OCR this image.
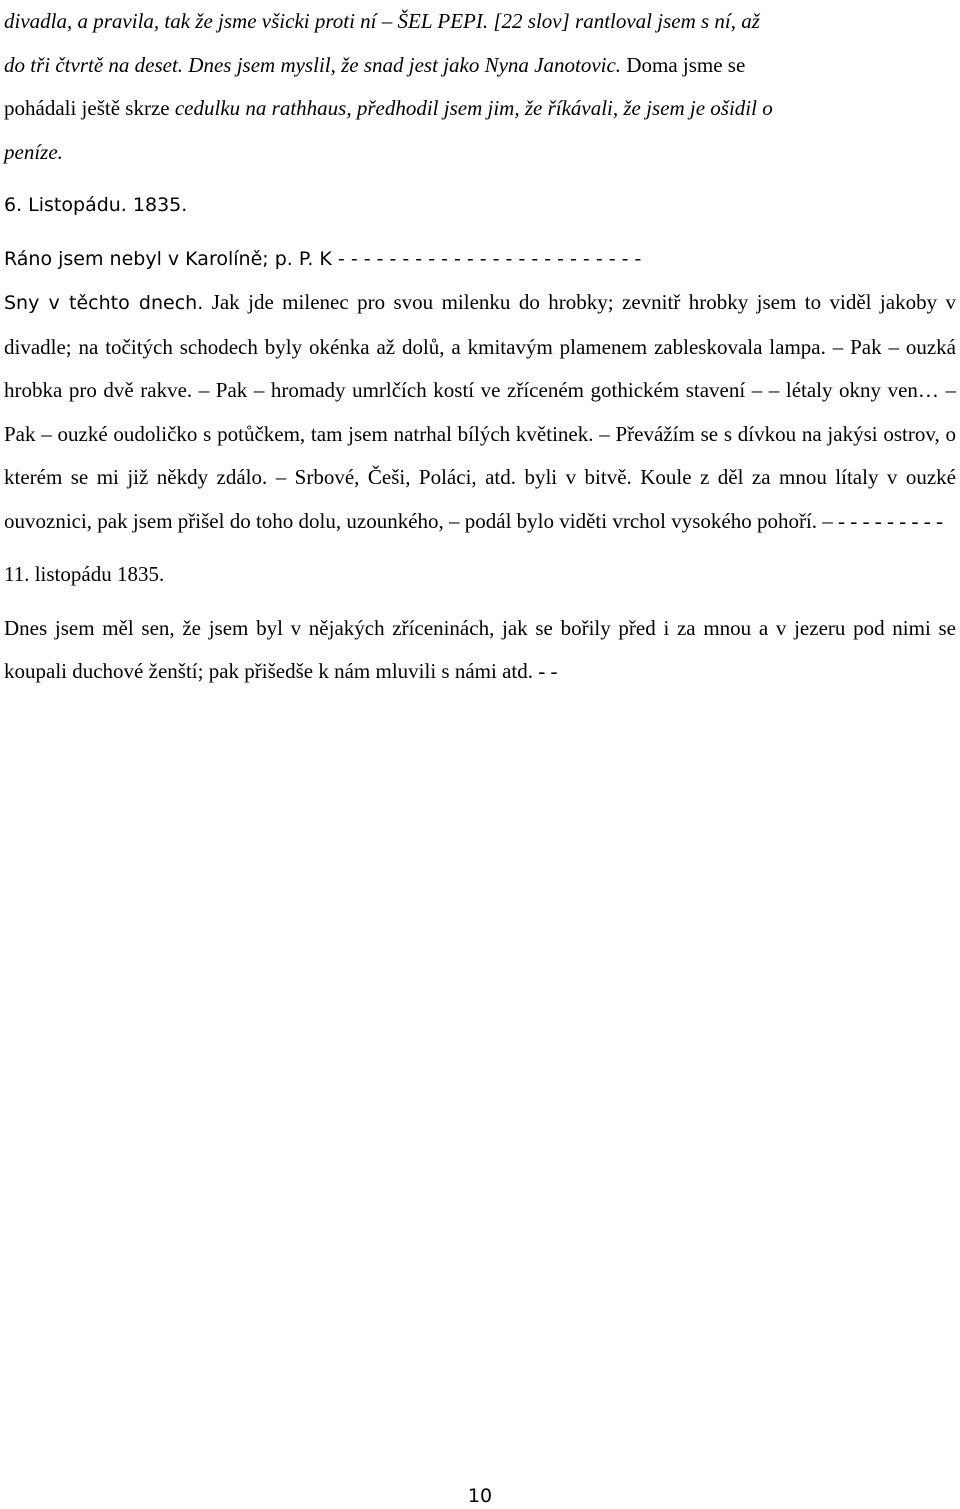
divadla, a pravila, tak že jsme všicki proti ní – ŠEL PEPI. [22 slov] rantloval jsem s ní, až
do tři čtvrtě na deset. Dnes jsem myslil, že snad jest jako Nyna Janotovic. Doma jsme se
pohádali ještě skrze cedulku na rathhaus, předhodil jsem jim, že říkávali, že jsem je ošidil o
peníze.

6. Listopádu. 1835.

Ráno jsem nebyl v Karolíně; p. P. K - - - - - - - - - - - - - - - - - - - - - - - -

Sny v těchto dnech. Jak jde milenec pro svou milenku do hrobky; zevnitř hrobky jsem to viděl jakoby v divadle; na točitých schodech byly okénka až dolů, a kmitavým plamenem zableskovala lampa. – Pak – ouzká hrobka pro dvě rakve. – Pak – hromady umrlčích kostí ve zříceném gothickém stavení – – létaly okny ven… – Pak – ouzké oudoličko s potůčkem, tam jsem natrhal bílých květinek. – Převážím se s dívkou na jakýsi ostrov, o kterém se mi již někdy zdálo. – Srbové, Češi, Poláci, atd. byli v bitvě. Koule z děl za mnou lítaly v ouzké ouvoznici, pak jsem přišel do toho dolu, uzounkého, – podál bylo viděti vrchol vysokého pohoří. – - - - - - - - - -

11. listopádu 1835.

Dnes jsem měl sen, že jsem byl v nějakých zříceninách, jak se bořily před i za mnou a v jezeru pod nimi se koupali duchové ženští; pak přišedše k nám mluvili s námi atd. - -

10
